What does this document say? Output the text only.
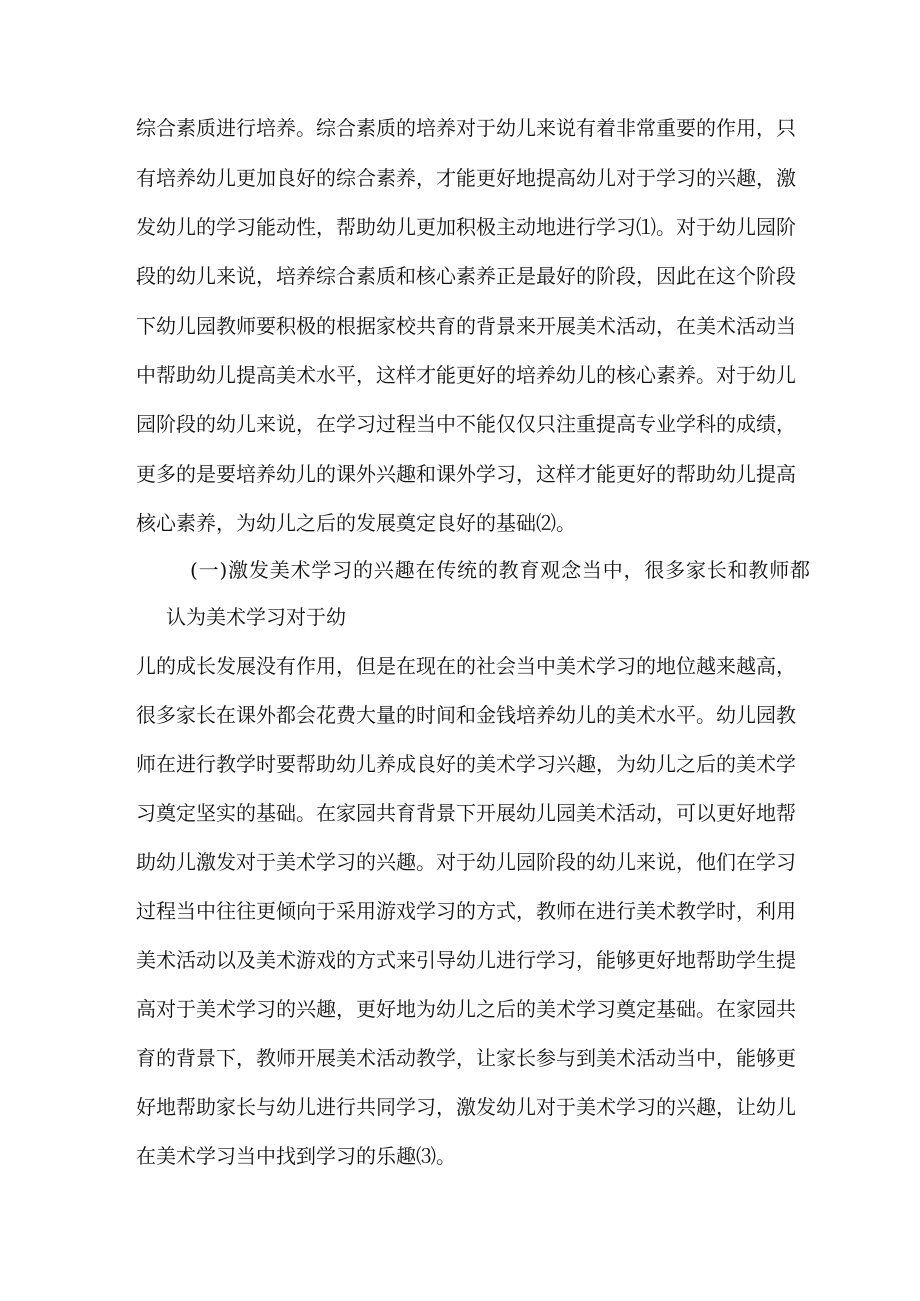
综 合 素 质 进 行 培 养 。 综 合 素 质 的 培 养 对 于 幼 儿 来 说 有 着 非 常 重 要 的 作 用 ， 只
有 培 养 幼 儿 更 加 良 好 的 综 合 素 养 ， 才 能 更 好 地 提 高 幼 儿 对 于 学 习 的 兴 趣 ， 激
发 幼 儿 的 学 习 能 动 性 ， 帮 助 幼 儿 更 加 积 极 主 动 地 进 行 学 习 ⑴ 。 对 于 幼 儿 园 阶
段 的 幼 儿 来 说 ， 培 养 综 合 素 质 和 核 心 素 养 正 是 最 好 的 阶 段 ， 因 此 在 这 个 阶 段
下 幼 儿 园 教 师 要 积 极 的 根 据 家 校 共 育 的 背 景 来 开 展 美 术 活 动 ， 在 美 术 活 动 当
中 帮 助 幼 儿 提 高 美 术 水 平 ， 这 样 才 能 更 好 的 培 养 幼 儿 的 核 心 素 养 。 对 于 幼 儿
园 阶 段 的 幼 儿 来 说 ， 在 学 习 过 程 当 中 不 能 仅 仅 只 注 重 提 高 专 业 学 科 的 成 绩 ，
更 多 的 是 要 培 养 幼 儿 的 课 外 兴 趣 和 课 外 学 习 ， 这 样 才 能 更 好 的 帮 助 幼 儿 提 高
核心素养，为幼儿之后的发展奠定良好的基础⑵。
( 一 ) 激 发 美 术 学 习 的 兴 趣 在 传 统 的 教 育 观 念 当 中 ， 很 多 家 长 和 教 师 都
认为美术学习对于幼
儿 的 成 长 发 展 没 有 作 用 ， 但 是 在 现 在 的 社 会 当 中 美 术 学 习 的 地 位 越 来 越 高 ，
很 多 家 长 在 课 外 都 会 花 费 大 量 的 时 间 和 金 钱 培 养 幼 儿 的 美 术 水 平 。 幼 儿 园 教
师 在 进 行 教 学 时 要 帮 助 幼 儿 养 成 良 好 的 美 术 学 习 兴 趣 ， 为 幼 儿 之 后 的 美 术 学
习 奠 定 坚 实 的 基 础 。 在 家 园 共 育 背 景 下 开 展 幼 儿 园 美 术 活 动 ， 可 以 更 好 地 帮
助 幼 儿 激 发 对 于 美 术 学 习 的 兴 趣 。 对 于 幼 儿 园 阶 段 的 幼 儿 来 说 ， 他 们 在 学 习
过 程 当 中 往 往 更 倾 向 于 采 用 游 戏 学 习 的 方 式 ， 教 师 在 进 行 美 术 教 学 时 ， 利 用
美 术 活 动 以 及 美 术 游 戏 的 方 式 来 引 导 幼 儿 进 行 学 习 ， 能 够 更 好 地 帮 助 学 生 提
高 对 于 美 术 学 习 的 兴 趣 ， 更 好 地 为 幼 儿 之 后 的 美 术 学 习 奠 定 基 础 。 在 家 园 共
育 的 背 景 下 ， 教 师 开 展 美 术 活 动 教 学 ， 让 家 长 参 与 到 美 术 活 动 当 中 ， 能 够 更
好 地 帮 助 家 长 与 幼 儿 进 行 共 同 学 习 ， 激 发 幼 儿 对 于 美 术 学 习 的 兴 趣 ， 让 幼 儿
在美术学习当中找到学习的乐趣⑶。
